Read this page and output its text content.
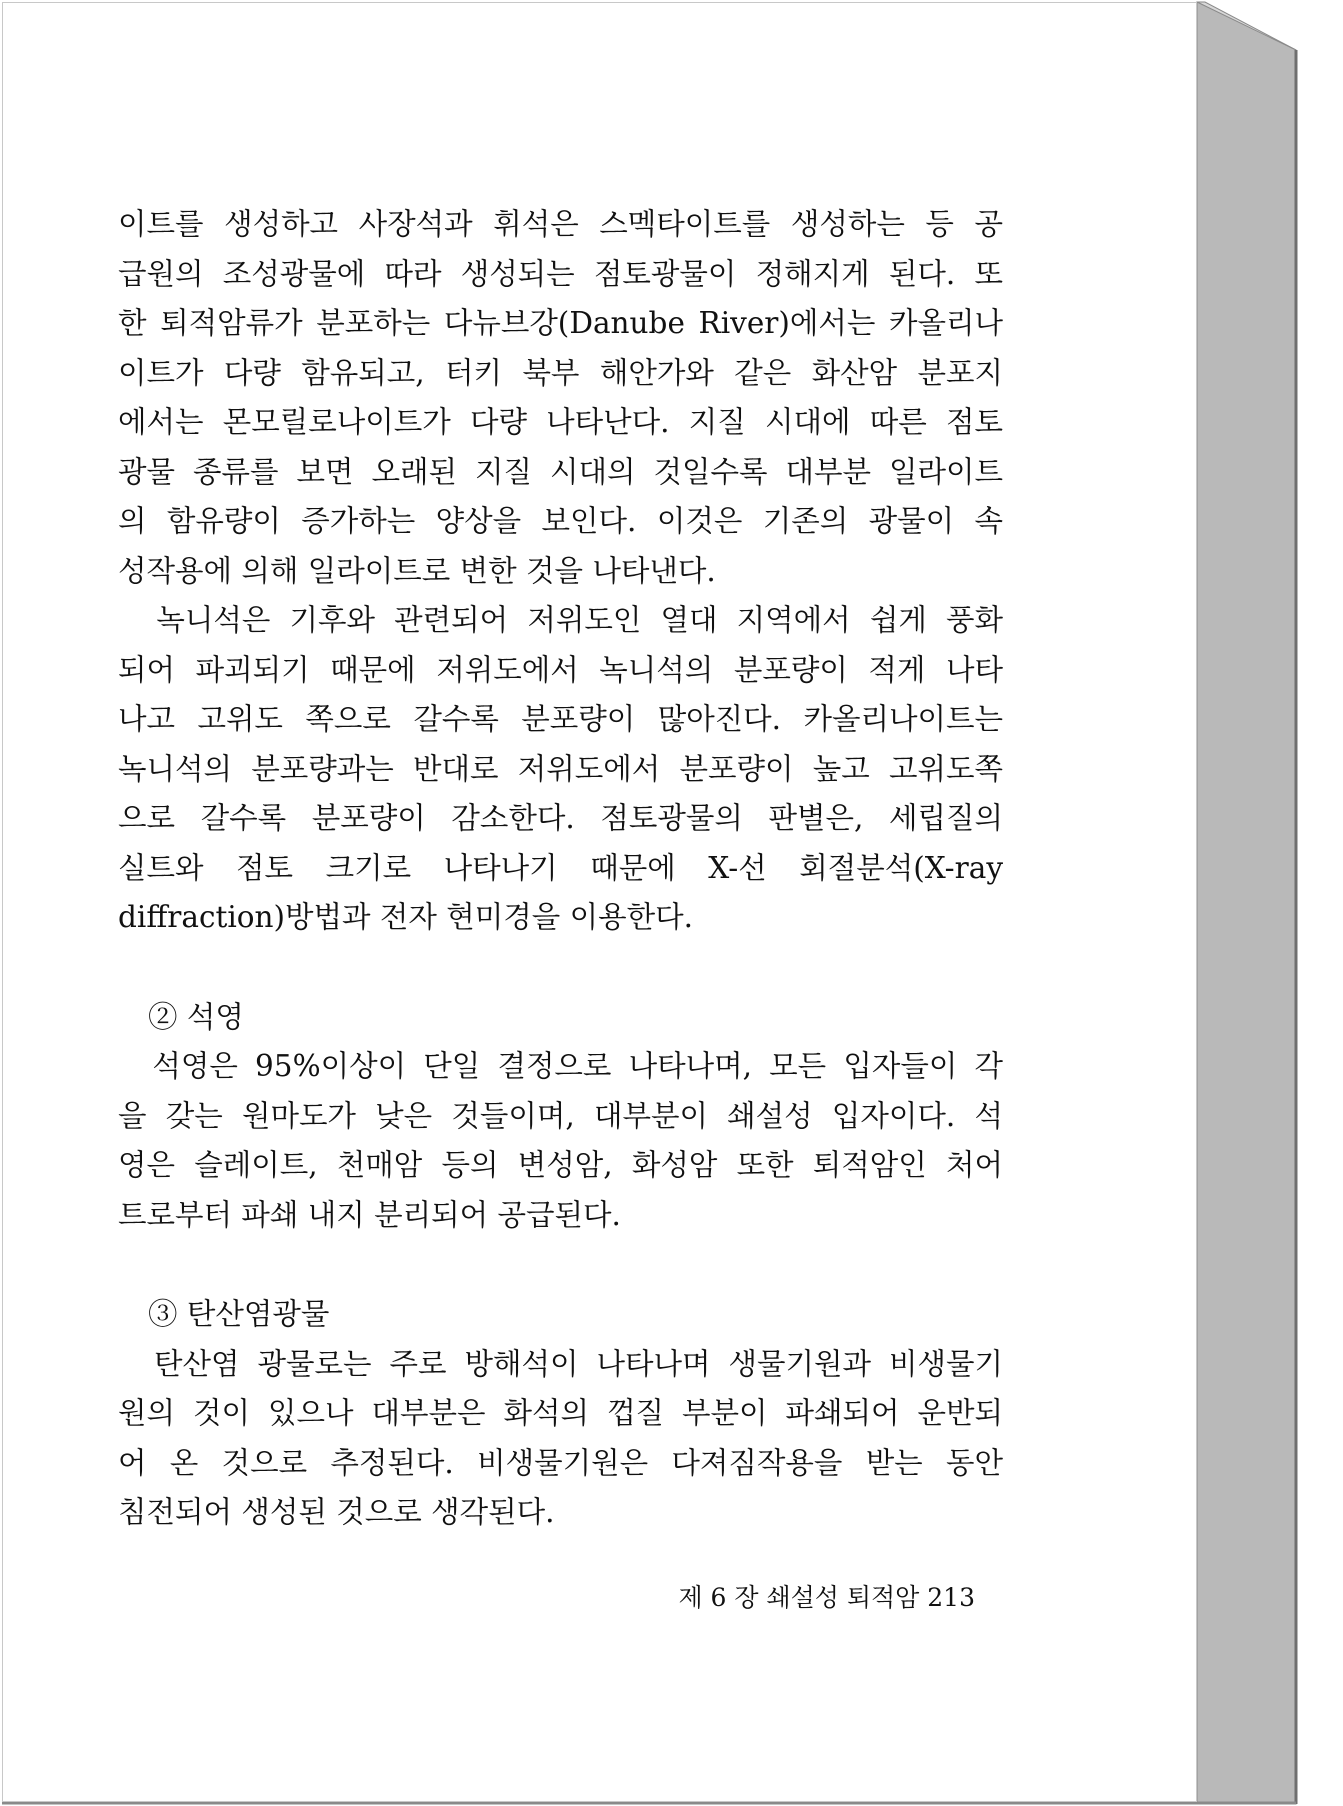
이트를 생성하고 사장석과 휘석은 스멕타이트를 생성하는 등 공
급원의 조성광물에 따라 생성되는 점토광물이 정해지게 된다. 또
한 퇴적암류가 분포하는 다뉴브강(Danube River)에서는 카올리나
이트가 다량 함유되고, 터키 북부 해안가와 같은 화산암 분포지
에서는 몬모릴로나이트가 다량 나타난다. 지질 시대에 따른 점토
광물 종류를 보면 오래된 지질 시대의 것일수록 대부분 일라이트
의 함유량이 증가하는 양상을 보인다. 이것은 기존의 광물이 속
성작용에 의해 일라이트로 변한 것을 나타낸다.
녹니석은 기후와 관련되어 저위도인 열대 지역에서 쉽게 풍화
되어 파괴되기 때문에 저위도에서 녹니석의 분포량이 적게 나타
나고 고위도 쪽으로 갈수록 분포량이 많아진다. 카올리나이트는
녹니석의 분포량과는 반대로 저위도에서 분포량이 높고 고위도쪽
으로 갈수록 분포량이 감소한다. 점토광물의 판별은, 세립질의
실트와 점토 크기로 나타나기 때문에 X-선 회절분석(X-ray
diffraction)방법과 전자 현미경을 이용한다.
② 석영
석영은 95%이상이 단일 결정으로 나타나며, 모든 입자들이 각
을 갖는 원마도가 낮은 것들이며, 대부분이 쇄설성 입자이다. 석
영은 슬레이트, 천매암 등의 변성암, 화성암 또한 퇴적암인 처어
트로부터 파쇄 내지 분리되어 공급된다.
③ 탄산염광물
탄산염 광물로는 주로 방해석이 나타나며 생물기원과 비생물기
원의 것이 있으나 대부분은 화석의 껍질 부분이 파쇄되어 운반되
어 온 것으로 추정된다. 비생물기원은 다져짐작용을 받는 동안
침전되어 생성된 것으로 생각된다.
제 6 장 쇄설성 퇴적암 213
